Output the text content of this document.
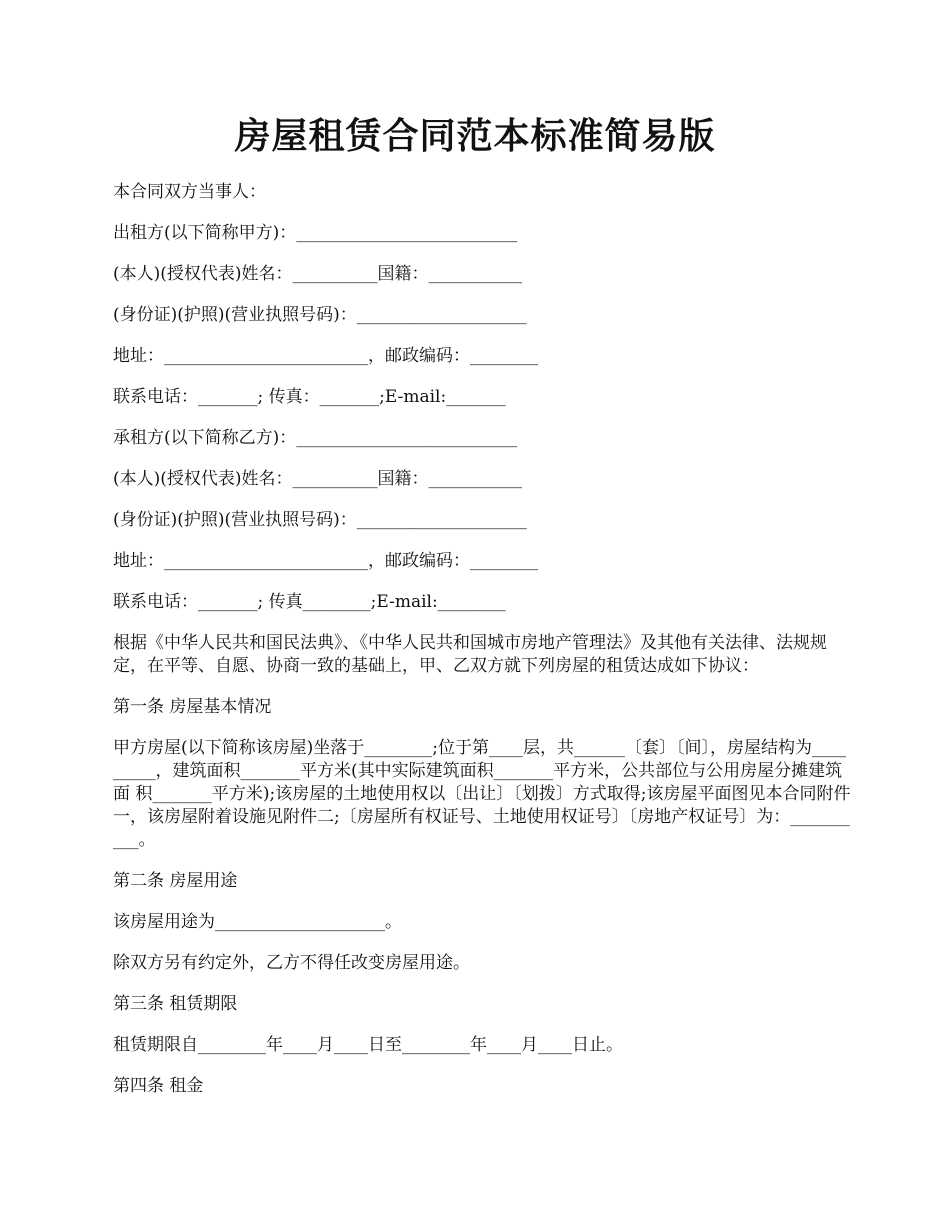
房屋租赁合同范本标准简易版

本合同双方当事人：

出租方(以下简称甲方)：__________________________

(本人)(授权代表)姓名：__________国籍：___________

(身份证)(护照)(营业执照号码)：____________________

地址：________________________，邮政编码：________

联系电话：_______; 传真：_______;E-mail:_______

承租方(以下简称乙方)：__________________________

(本人)(授权代表)姓名：__________国籍：___________

(身份证)(护照)(营业执照号码)：____________________

地址：________________________，邮政编码：________

联系电话：_______; 传真________;E-mail:________

根据《中华人民共和国民法典》、《中华人民共和国城市房地产管理法》及其他有关法律、法规规定，在平等、自愿、协商一致的基础上，甲、乙双方就下列房屋的租赁达成如下协议：

第一条 房屋基本情况

甲方房屋(以下简称该房屋)坐落于________;位于第____层，共______〔套〕〔间〕，房屋结构为_________，建筑面积_______平方米(其中实际建筑面积_______平方米，公共部位与公用房屋分摊建筑面 积_______平方米);该房屋的土地使用权以〔出让〕〔划拨〕方式取得;该房屋平面图见本合同附件一，该房屋附着设施见附件二;〔房屋所有权证号、土地使用权证号〕〔房地产权证号〕为：__________。

第二条 房屋用途

该房屋用途为____________________。

除双方另有约定外，乙方不得任改变房屋用途。

第三条 租赁期限

租赁期限自________年____月____日至________年____月____日止。

第四条 租金
